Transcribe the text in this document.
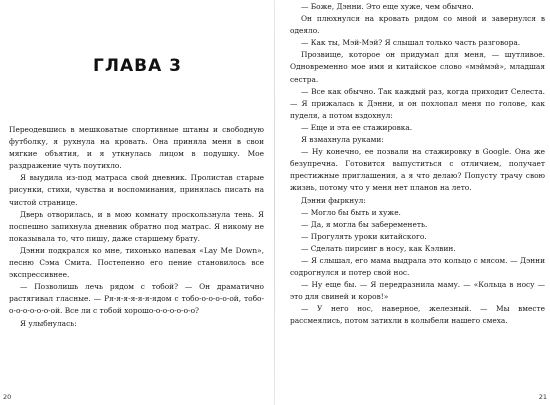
ГЛАВА 3

Переодевшись в мешковатые спортивные штаны и свободную футболку, я рухнула на кровать. Она приняла меня в свои мягкие объятия, и я уткнулась лицом в подушку. Мое раздражение чуть поутихло.

Я выудила из-под матраса свой дневник. Пролистав старые рисунки, стихи, чувства и воспоминания, принялась писать на чистой странице.

Дверь отворилась, и в мою комнату проскользнула тень. Я поспешно запихнула дневник обратно под матрас. Я никому не показывала то, что пишу, даже старшему брату.

Дэнни подкрался ко мне, тихонько напевая «Lay Me Down», песню Сэма Смита. Постепенно его пение становилось все экспрессивнее.

— Позволишь лечь рядом с тобой? — Он драматично растягивал гласные. — Ря-я-я-я-я-я-ядом с тобо-о-о-о-о-ой, тобо-о-о-о-о-о-о-ой. Все ли с тобой хорошо-о-о-о-о-о-о?

Я улыбнулась:

20

— Боже, Дэнни. Это еще хуже, чем обычно.

Он плюхнулся на кровать рядом со мной и завернулся в одеяло.

— Как ты, Мэй-Мэй? Я слышал только часть разговора.

Прозвище, которое он придумал для меня, — шутливое. Одновременно мое имя и китайское слово «мэймэй», младшая сестра.

— Все как обычно. Так каждый раз, когда приходит Селеста. — Я прижалась к Дэнни, и он похлопал меня по голове, как пуделя, а потом вздохнул:

— Еще и эта ее стажировка.

Я взмахнула руками:

— Ну конечно, ее позвали на стажировку в Google. Она же безупречна. Готовится выпуститься с отличием, получает престижные приглашения, а я что делаю? Попусту трачу свою жизнь, потому что у меня нет планов на лето.

Дэнни фыркнул:

— Могло бы быть и хуже.

— Да, я могла бы забеременеть.

— Прогулять уроки китайского.

— Сделать пирсинг в носу, как Кэлвин.

— Я слышал, его мама выдрала это кольцо с мясом. — Дэнни содрогнулся и потер свой нос.

— Ну еще бы. — Я передразнила маму. — «Кольца в носу — это для свиней и коров!»

— У него нос, наверное, железный. — Мы вместе рассмеялись, потом затихли в колыбели нашего смеха.

21
